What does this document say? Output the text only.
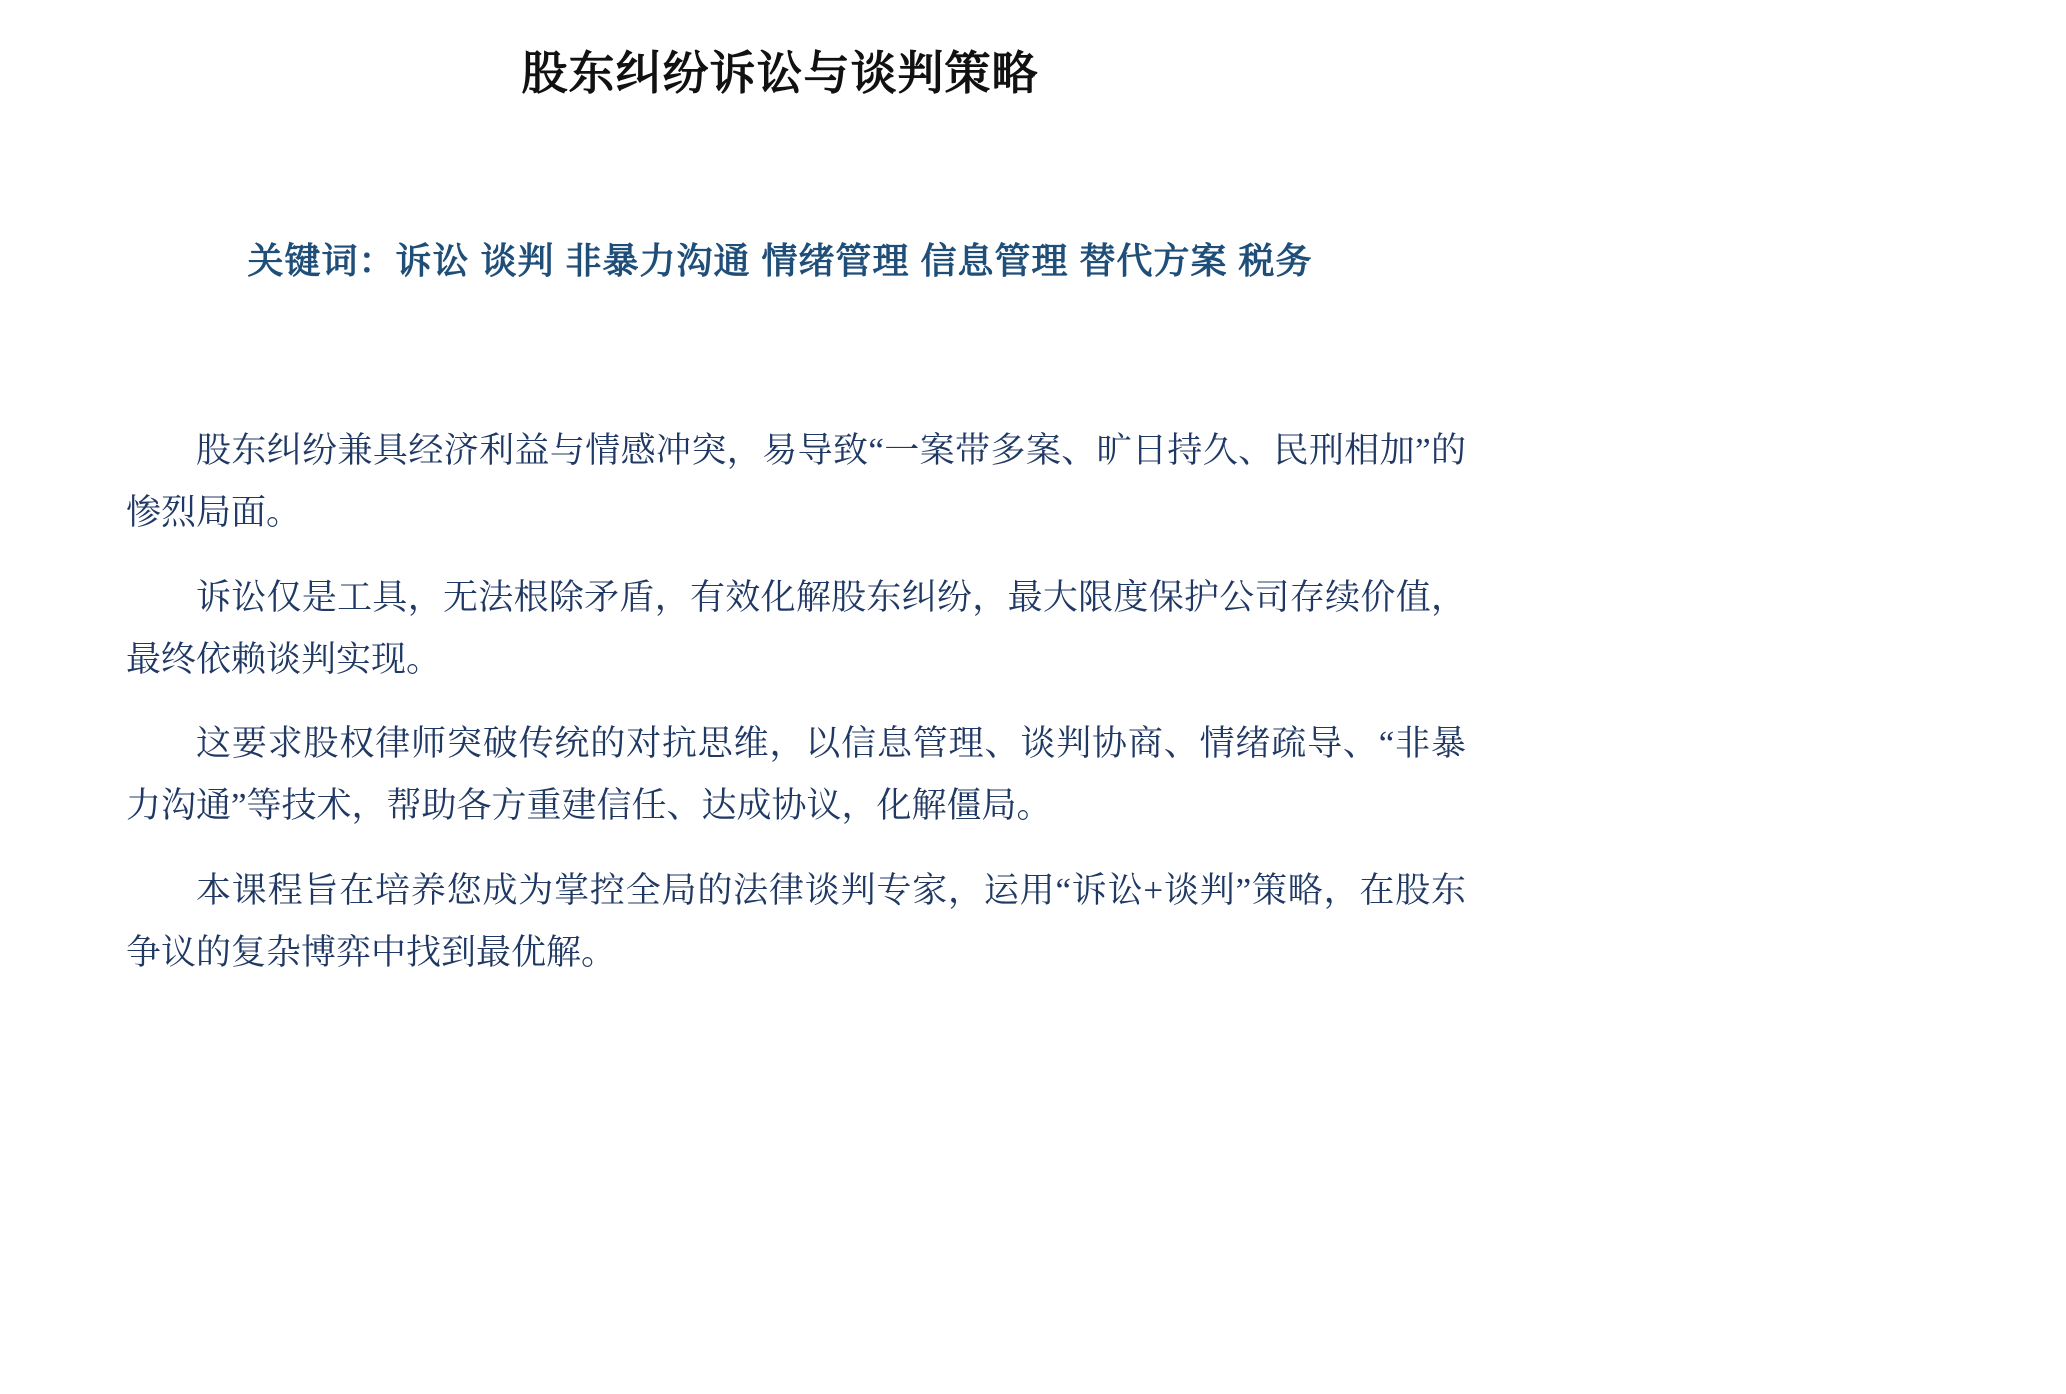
股东纠纷诉讼与谈判策略
关键词：诉讼 谈判 非暴力沟通 情绪管理 信息管理 替代方案 税务

股东纠纷兼具经济利益与情感冲突，易导致“一案带多案、旷日持久、民刑相加”的惨烈局面。

诉讼仅是工具，无法根除矛盾，有效化解股东纠纷，最大限度保护公司存续价值，最终依赖谈判实现。

这要求股权律师突破传统的对抗思维，以信息管理、谈判协商、情绪疏导、“非暴力沟通”等技术，帮助各方重建信任、达成协议，化解僵局。

本课程旨在培养您成为掌控全局的法律谈判专家，运用“诉讼+谈判”策略，在股东争议的复杂博弈中找到最优解。
